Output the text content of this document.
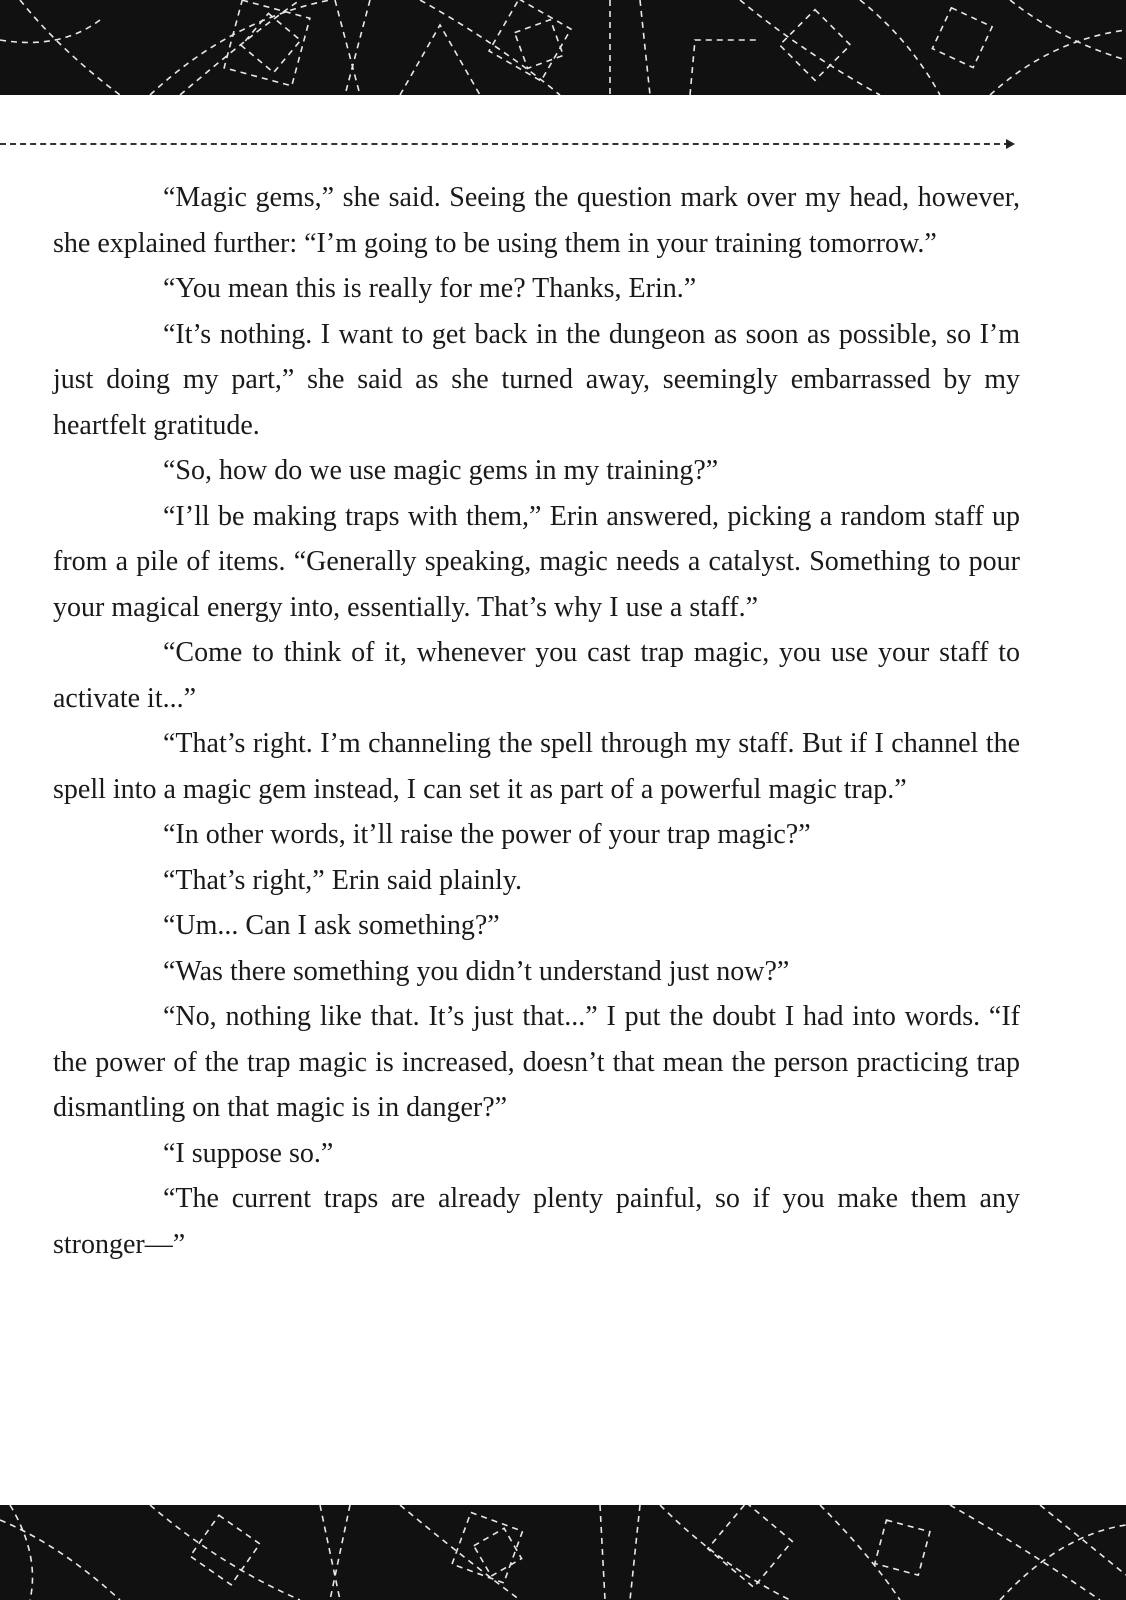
“Magic gems,” she said. Seeing the question mark over my head, however, she explained further: “I’m going to be using them in your training tomorrow.”

“You mean this is really for me? Thanks, Erin.”

“It’s nothing. I want to get back in the dungeon as soon as possible, so I’m just doing my part,” she said as she turned away, seemingly embarrassed by my heartfelt gratitude.

“So, how do we use magic gems in my training?”

“I’ll be making traps with them,” Erin answered, picking a random staff up from a pile of items. “Generally speaking, magic needs a catalyst. Something to pour your magical energy into, essentially. That’s why I use a staff.”

“Come to think of it, whenever you cast trap magic, you use your staff to activate it...”

“That’s right. I’m channeling the spell through my staff. But if I channel the spell into a magic gem instead, I can set it as part of a powerful magic trap.”

“In other words, it’ll raise the power of your trap magic?”

“That’s right,” Erin said plainly.

“Um... Can I ask something?”

“Was there something you didn’t understand just now?”

“No, nothing like that. It’s just that...” I put the doubt I had into words. “If the power of the trap magic is increased, doesn’t that mean the person practicing trap dismantling on that magic is in danger?”

“I suppose so.”

“The current traps are already plenty painful, so if you make them any stronger—”
